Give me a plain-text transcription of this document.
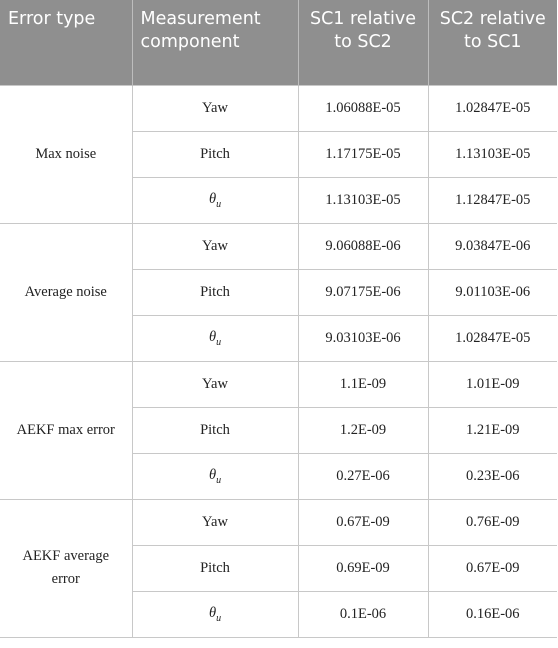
Error type	Measurement component	SC1 relative to SC2	SC2 relative to SC1
Max noise	Yaw	1.06088E-05	1.02847E-05
	Pitch	1.17175E-05	1.13103E-05
	$\theta_u$	1.13103E-05	1.12847E-05
Average noise	Yaw	9.06088E-06	9.03847E-06
	Pitch	9.07175E-06	9.01103E-06
	$\theta_u$	9.03103E-06	1.02847E-05
AEKF max error	Yaw	1.1E-09	1.01E-09
	Pitch	1.2E-09	1.21E-09
	$\theta_u$	0.27E-06	0.23E-06
AEKF average error	Yaw	0.67E-09	0.76E-09
	Pitch	0.69E-09	0.67E-09
	$\theta_u$	0.1E-06	0.16E-06
